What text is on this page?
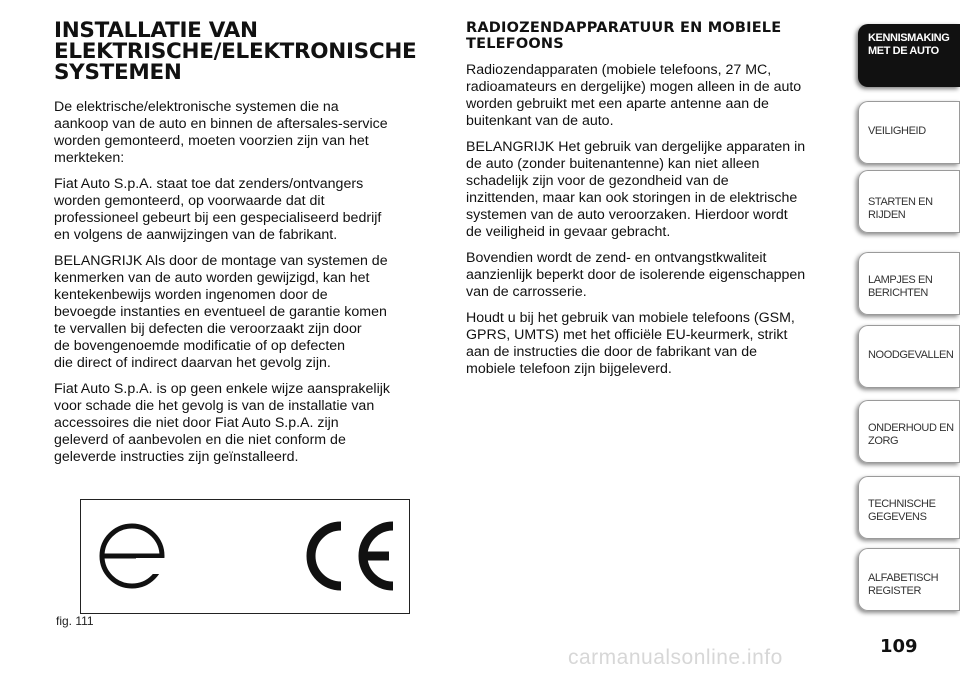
INSTALLATIE VAN
ELEKTRISCHE/ELEKTRONISCHE
SYSTEMEN
De elektrische/elektronische systemen die na
aankoop van de auto en binnen de aftersales-service
worden gemonteerd, moeten voorzien zijn van het
merkteken:
Fiat Auto S.p.A. staat toe dat zenders/ontvangers
worden gemonteerd, op voorwaarde dat dit
professioneel gebeurt bij een gespecialiseerd bedrijf
en volgens de aanwijzingen van de fabrikant.
BELANGRIJK Als door de montage van systemen de
kenmerken van de auto worden gewijzigd, kan het
kentekenbewijs worden ingenomen door de
bevoegde instanties en eventueel de garantie komen
te vervallen bij defecten die veroorzaakt zijn door
de bovengenoemde modificatie of op defecten
die direct of indirect daarvan het gevolg zijn.
Fiat Auto S.p.A. is op geen enkele wijze aansprakelijk
voor schade die het gevolg is van de installatie van
accessoires die niet door Fiat Auto S.p.A. zijn
geleverd of aanbevolen en die niet conform de
geleverde instructies zijn geïnstalleerd.
fig. 111
RADIOZENDAPPARATUUR EN MOBIELE
TELEFOONS
Radiozendapparaten (mobiele telefoons, 27 MC,
radioamateurs en dergelijke) mogen alleen in de auto
worden gebruikt met een aparte antenne aan de
buitenkant van de auto.
BELANGRIJK Het gebruik van dergelijke apparaten in
de auto (zonder buitenantenne) kan niet alleen
schadelijk zijn voor de gezondheid van de
inzittenden, maar kan ook storingen in de elektrische
systemen van de auto veroorzaken. Hierdoor wordt
de veiligheid in gevaar gebracht.
Bovendien wordt de zend- en ontvangstkwaliteit
aanzienlijk beperkt door de isolerende eigenschappen
van de carrosserie.
Houdt u bij het gebruik van mobiele telefoons (GSM,
GPRS, UMTS) met het officiële EU-keurmerk, strikt
aan de instructies die door de fabrikant van de
mobiele telefoon zijn bijgeleverd.
KENNISMAKING
MET DE AUTO
VEILIGHEID
STARTEN EN RIJDEN
LAMPJES EN
BERICHTEN
NOODGEVALLEN
ONDERHOUD EN
ZORG
TECHNISCHE
GEGEVENS
ALFABETISCH
REGISTER
109
carmanualsonline.info
